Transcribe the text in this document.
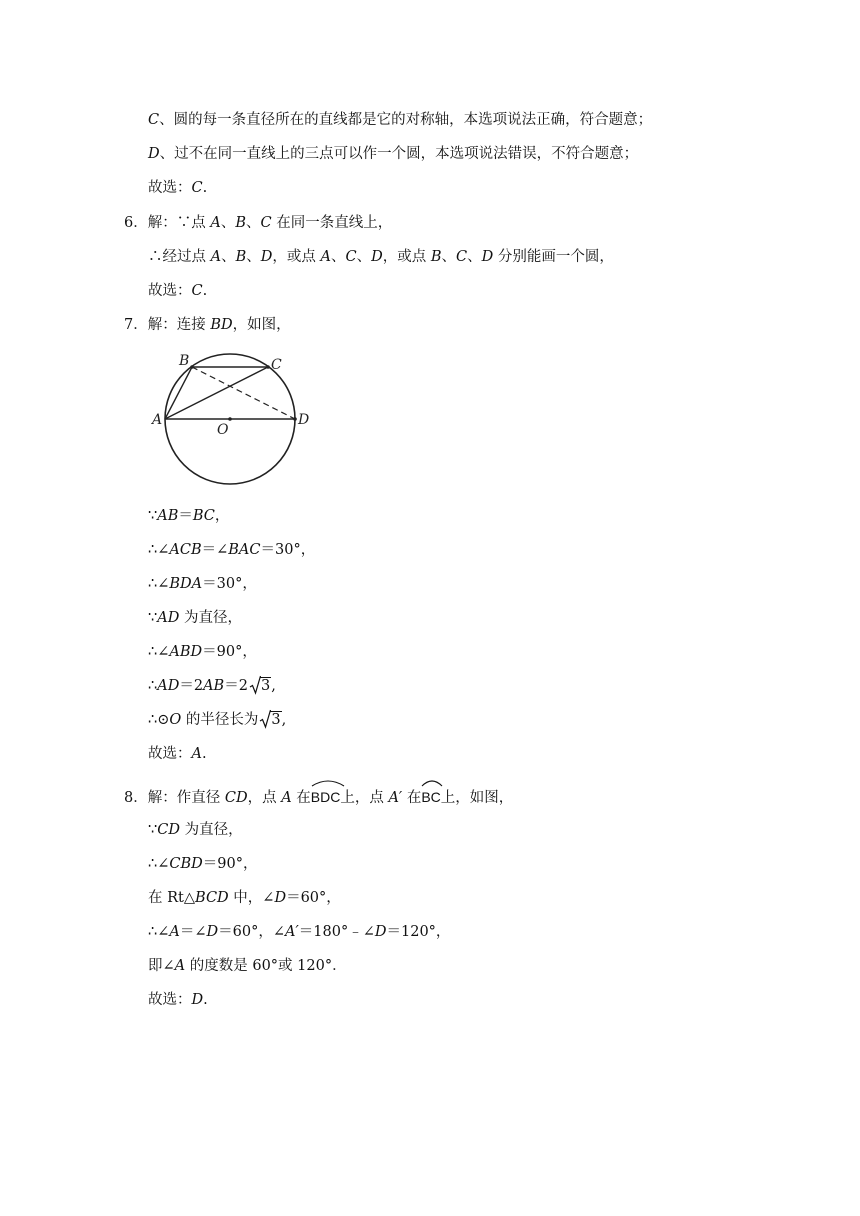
C、圆的每一条直径所在的直线都是它的对称轴，本选项说法正确，符合题意；
D、过不在同一直线上的三点可以作一个圆，本选项说法错误，不符合题意；
故选：C.
6．解：∵点 A、B、C 在同一条直线上，
∴经过点 A、B、D，或点 A、C、D，或点 B、C、D 分别能画一个圆，
故选：C.
7．解：连接 BD，如图，
B	C
A
O
D
∵AB＝BC，
∴∠ACB＝∠BAC＝30°，
∴∠BDA＝30°，
∵AD 为直径，
∴∠ABD＝90°，
∴AD＝2AB＝2 3,
∴⊙O 的半径长为 3,
故选：A.
8．解：作直径 CD，点 A 在
BDC上，点 A′ 在
BC上，如图，
∵CD 为直径，
∴∠CBD＝90°，
在 Rt△BCD 中，∠D＝60°，
∴∠A＝∠D＝60°，∠A′＝180°﹣∠D＝120°，
即∠A 的度数是 60°或 120°．
故选：D.
